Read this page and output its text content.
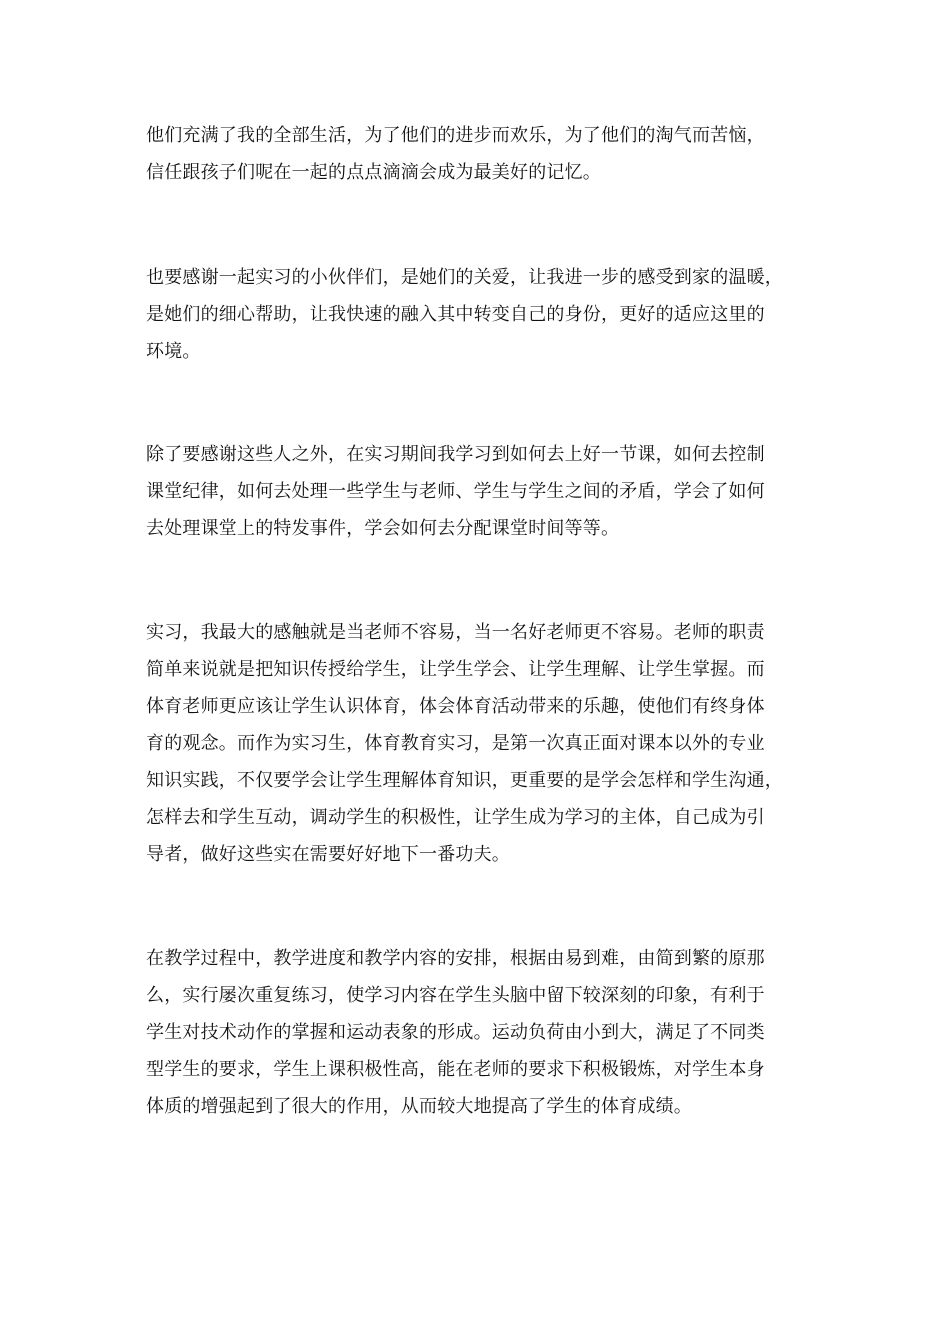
他们充满了我的全部生活，为了他们的进步而欢乐，为了他们的淘气而苦恼，
信任跟孩子们呢在一起的点点滴滴会成为最美好的记忆。
也要感谢一起实习的小伙伴们，是她们的关爱，让我进一步的感受到家的温暖，
是她们的细心帮助，让我快速的融入其中转变自己的身份，更好的适应这里的
环境。
除了要感谢这些人之外，在实习期间我学习到如何去上好一节课，如何去控制
课堂纪律，如何去处理一些学生与老师、学生与学生之间的矛盾，学会了如何
去处理课堂上的特发事件，学会如何去分配课堂时间等等。
实习，我最大的感触就是当老师不容易，当一名好老师更不容易。老师的职责
简单来说就是把知识传授给学生，让学生学会、让学生理解、让学生掌握。而
体育老师更应该让学生认识体育，体会体育活动带来的乐趣，使他们有终身体
育的观念。而作为实习生，体育教育实习，是第一次真正面对课本以外的专业
知识实践，不仅要学会让学生理解体育知识，更重要的是学会怎样和学生沟通，
怎样去和学生互动，调动学生的积极性，让学生成为学习的主体，自己成为引
导者，做好这些实在需要好好地下一番功夫。
在教学过程中，教学进度和教学内容的安排，根据由易到难，由简到繁的原那
么，实行屡次重复练习，使学习内容在学生头脑中留下较深刻的印象，有利于
学生对技术动作的掌握和运动表象的形成。运动负荷由小到大，满足了不同类
型学生的要求，学生上课积极性高，能在老师的要求下积极锻炼，对学生本身
体质的增强起到了很大的作用，从而较大地提高了学生的体育成绩。
